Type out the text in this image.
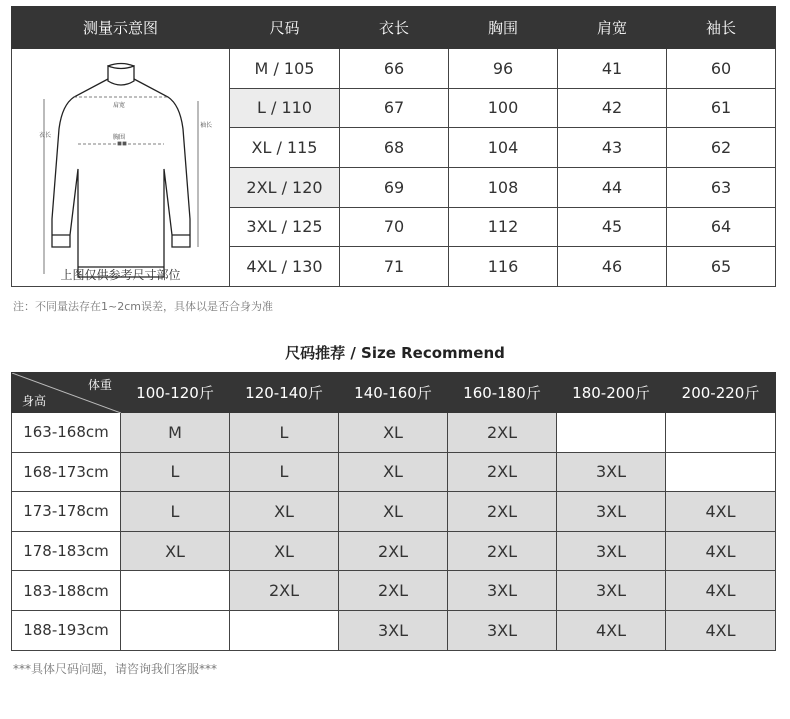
测量示意图	尺码	衣长	胸围	肩宽	袖长

衣长
肩宽
胸围
袖长
上图仅供参考尺寸部位	M / 105	66	96	41	60
	L / 110	67	100	42	61
	XL / 115	68	104	43	62
	2XL / 120	69	108	44	63
	3XL / 125	70	112	45	64
	4XL / 130	71	116	46	65
注：不同量法存在1~2cm误差，具体以是否合身为准
尺码推荐 / Size Recommend
体重
身高	100-120斤	120-140斤	140-160斤	160-180斤	180-200斤	200-220斤
163-168cm	M	L	XL	2XL		
168-173cm	L	L	XL	2XL	3XL	
173-178cm	L	XL	XL	2XL	3XL	4XL
178-183cm	XL	XL	2XL	2XL	3XL	4XL
183-188cm		2XL	2XL	3XL	3XL	4XL
188-193cm			3XL	3XL	4XL	4XL
***具体尺码问题，请咨询我们客服***
